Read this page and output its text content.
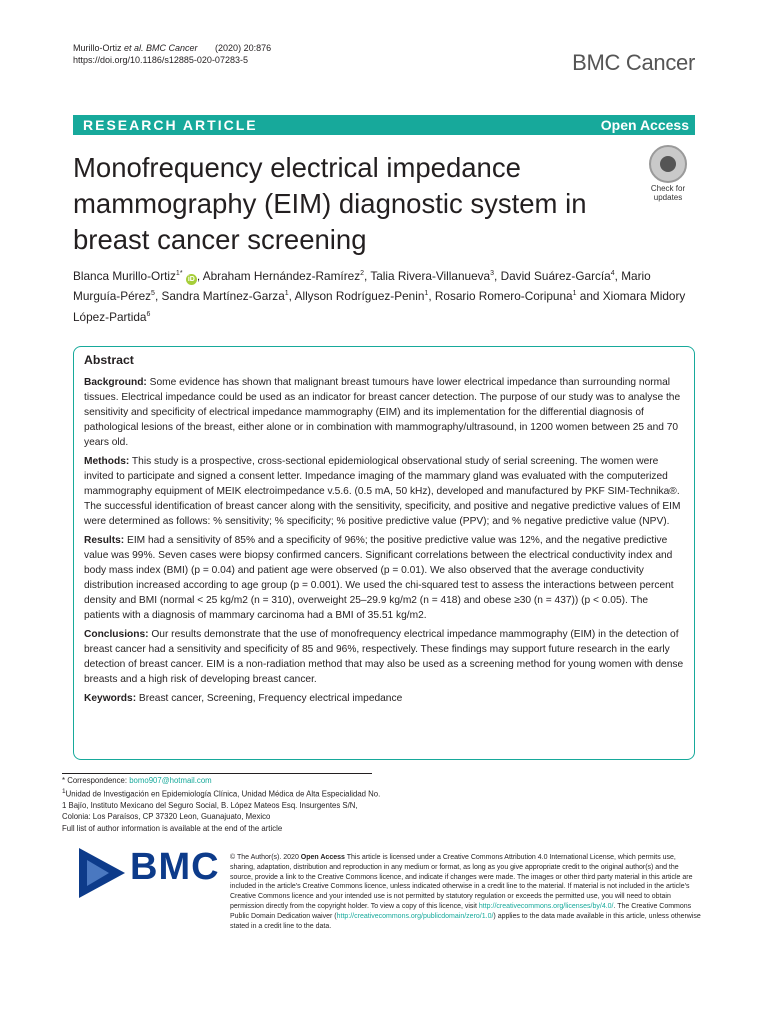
Murillo-Ortiz et al. BMC Cancer (2020) 20:876
https://doi.org/10.1186/s12885-020-07283-5	BMC Cancer
RESEARCH ARTICLE	Open Access
Monofrequency electrical impedance mammography (EIM) diagnostic system in breast cancer screening
Check for
updates
Blanca Murillo-Ortiz$^{1*}$ iD , Abraham Hernández-Ramírez$^2$, Talia Rivera-Villanueva$^3$, David Suárez-García$^4$, Mario Murguía-Pérez$^5$, Sandra Martínez-Garza$^1$, Allyson Rodríguez-Penin$^1$, Rosario Romero-Coripuna$^1$ and Xiomara Midory López-Partida$^6$
Abstract

Background: Some evidence has shown that malignant breast tumours have lower electrical impedance than surrounding normal tissues. Electrical impedance could be used as an indicator for breast cancer detection. The purpose of our study was to analyse the sensitivity and specificity of electrical impedance mammography (EIM) and its implementation for the differential diagnosis of pathological lesions of the breast, either alone or in combination with mammography/ultrasound, in 1200 women between 25 and 70 years old.

Methods: This study is a prospective, cross-sectional epidemiological observational study of serial screening. The women were invited to participate and signed a consent letter. Impedance imaging of the mammary gland was evaluated with the computerized mammography equipment of MEIK electroimpedance v.5.6. (0.5 mA, 50 kHz), developed and manufactured by PKF SIM-Technika®. The successful identification of breast cancer along with the sensitivity, specificity, and positive and negative predictive values of EIM were determined as follows: % sensitivity; % specificity; % positive predictive value (PPV); and % negative predictive value (NPV).

Results: EIM had a sensitivity of 85% and a specificity of 96%; the positive predictive value was 12%, and the negative predictive value was 99%. Seven cases were biopsy confirmed cancers. Significant correlations between the electrical conductivity index and body mass index (BMI) (p = 0.04) and patient age were observed (p = 0.01). We also observed that the average conductivity distribution increased according to age group (p = 0.001). We used the chi-squared test to assess the interactions between percent density and BMI (normal < 25 kg/m2 (n = 310), overweight 25–29.9 kg/m2 (n = 418) and obese ≥30 (n = 437)) (p < 0.05). The patients with a diagnosis of mammary carcinoma had a BMI of 35.51 kg/m2.

Conclusions: Our results demonstrate that the use of monofrequency electrical impedance mammography (EIM) in the detection of breast cancer had a sensitivity and specificity of 85 and 96%, respectively. These findings may support future research in the early detection of breast cancer. EIM is a non-radiation method that may also be used as a screening method for young women with dense breasts and a high risk of developing breast cancer.

Keywords: Breast cancer, Screening, Frequency electrical impedance

* Correspondence: bomo907@hotmail.com
$^1$Unidad de Investigación en Epidemiología Clínica, Unidad Médica de Alta Especialidad No. 1 Bajío, Instituto Mexicano del Seguro Social, B. López Mateos Esq. Insurgentes S/N, Colonia: Los Paraísos, CP 37320 Leon, Guanajuato, Mexico
Full list of author information is available at the end of the article
BMC © The Author(s). 2020 Open Access This article is licensed under a Creative Commons Attribution 4.0 International License, which permits use, sharing, adaptation, distribution and reproduction in any medium or format, as long as you give appropriate credit to the original author(s) and the source, provide a link to the Creative Commons licence, and indicate if changes were made. The images or other third party material in this article are included in the article's Creative Commons licence, unless indicated otherwise in a credit line to the material. If material is not included in the article's Creative Commons licence and your intended use is not permitted by statutory regulation or exceeds the permitted use, you will need to obtain permission directly from the copyright holder. To view a copy of this licence, visit http://creativecommons.org/licenses/by/4.0/. The Creative Commons Public Domain Dedication waiver (http://creativecommons.org/publicdomain/zero/1.0/) applies to the data made available in this article, unless otherwise stated in a credit line to the data.
